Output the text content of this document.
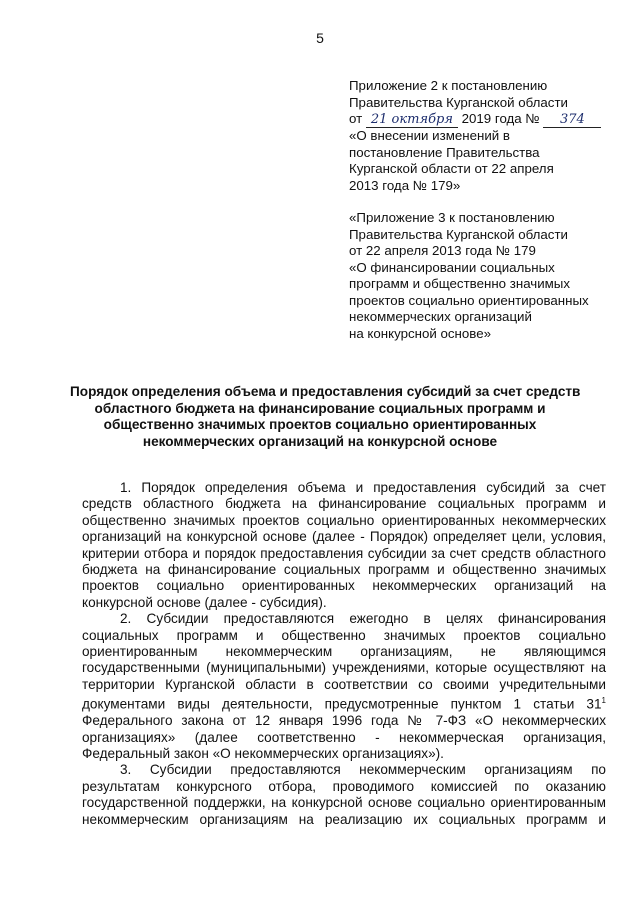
5

Приложение 2 к постановлению

Правительства Курганской области

от 21 октября 2019 года № 374

«О внесении изменений в

постановление Правительства

Курганской области от 22 апреля

2013 года № 179»

«Приложение 3 к постановлению

Правительства Курганской области

от 22 апреля 2013 года № 179

«О финансировании социальных

программ и общественно значимых

проектов социально ориентированных

некоммерческих организаций

на конкурсной основе»

Порядок определения объема и предоставления субсидий за счет средств

областного бюджета на финансирование социальных программ и

общественно значимых проектов социально ориентированных

некоммерческих организаций на конкурсной основе

1. Порядок определения объема и предоставления субсидий за счет
средств областного бюджета на финансирование социальных программ и
общественно значимых проектов социально ориентированных некоммерческих
организаций на конкурсной основе (далее - Порядок) определяет цели, условия,
критерии отбора и порядок предоставления субсидии за счет средств областного
бюджета на финансирование социальных программ и общественно значимых
проектов социально ориентированных некоммерческих организаций на
конкурсной основе (далее - субсидия).
2. Субсидии предоставляются ежегодно в целях финансирования
социальных программ и общественно значимых проектов социально
ориентированным некоммерческим организациям, не являющимся
государственными (муниципальными) учреждениями, которые осуществляют на
территории Курганской области в соответствии со своими учредительными
документами виды деятельности, предусмотренные пунктом 1 статьи $31^1$
Федерального закона от 12 января 1996 года № 7-ФЗ «О некоммерческих
организациях» (далее соответственно - некоммерческая организация,
Федеральный закон «О некоммерческих организациях»).
3. Субсидии предоставляются некоммерческим организациям по
результатам конкурсного отбора, проводимого комиссией по оказанию
государственной поддержки, на конкурсной основе социально ориентированным
некоммерческим организациям на реализацию их социальных программ и
